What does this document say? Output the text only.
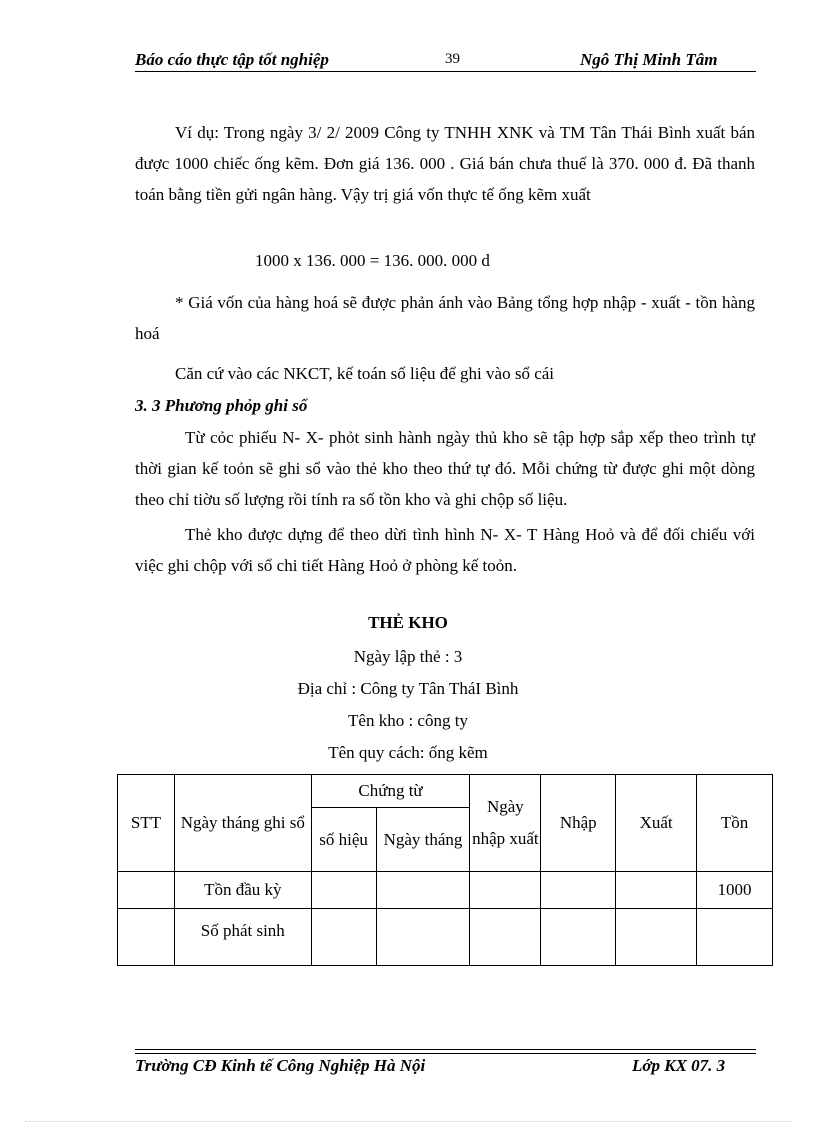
Báo cáo thực tập tốt nghiệp	39	Ngô Thị Minh Tâm
Ví dụ: Trong ngày 3/ 2/ 2009 Công ty TNHH XNK và TM Tân Thái Bình xuất bán được 1000 chiếc ống kẽm. Đơn giá 136. 000 . Giá bán chưa thuế là 370. 000 đ. Đã thanh toán bằng tiền gửi ngân hàng. Vậy trị giá vốn thực tế ống kẽm xuất
1000 x 136. 000 = 136. 000. 000 d
* Giá vốn của hàng hoá sẽ được phản ánh vào Bảng tổng hợp nhập - xuất - tồn hàng hoá
Căn cứ vào các NKCT, kế toán số liệu để ghi vào sổ cái
3. 3 Phương phỏp ghi sổ
Từ cỏc phiếu N- X- phỏt sinh hành ngày thủ kho sẽ tập hợp sắp xếp theo trình tự thời gian kế toỏn sẽ ghi sổ vào thẻ kho theo thứ tự đó. Mỗi chứng từ được ghi một dòng theo chỉ tiờu số lượng rồi tính ra số tồn kho và ghi chộp số liệu.
Thẻ kho được dựng để theo dừi tình hình N- X- T Hàng Hoỏ và để đối chiếu với việc ghi chộp với sổ chi tiết Hàng Hoỏ ở phòng kế toỏn.
THẺ KHO
Ngày lập thẻ : 3
Địa chỉ : Công ty Tân TháI Bình
Tên kho : công ty
Tên quy cách: ống kẽm
STT	Ngày tháng ghi sổ	Chứng từ		Ngày nhập xuất	Nhập	Xuất	Tồn
		số hiệu	Ngày tháng				
	Tồn đầu kỳ						1000
	Số phát sinh						
Trường CĐ Kinh tế Công Nghiệp Hà Nội	Lớp KX 07. 3
